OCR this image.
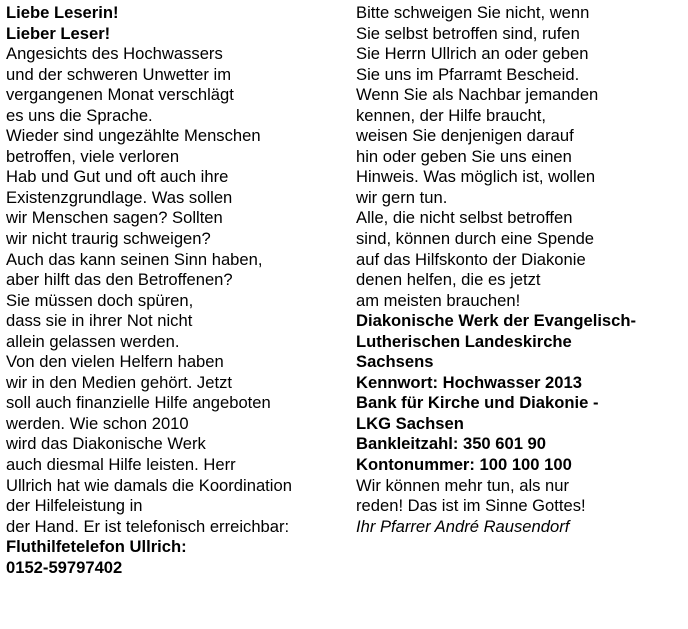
Liebe Leserin!
Lieber Leser!
Angesichts des Hochwassers
und der schweren Unwetter im
vergangenen Monat verschlägt
es uns die Sprache.
Wieder sind ungezählte Menschen
betroffen, viele verloren
Hab und Gut und oft auch ihre
Existenzgrundlage. Was sollen
wir Menschen sagen? Sollten
wir nicht traurig schweigen?
Auch das kann seinen Sinn haben,
aber hilft das den Betroffenen?
Sie müssen doch spüren,
dass sie in ihrer Not nicht
allein gelassen werden.
Von den vielen Helfern haben
wir in den Medien gehört. Jetzt
soll auch finanzielle Hilfe angeboten
werden. Wie schon 2010
wird das Diakonische Werk
auch diesmal Hilfe leisten. Herr
Ullrich hat wie damals die Koordination
der Hilfeleistung in
der Hand. Er ist telefonisch erreichbar:
Fluthilfetelefon Ullrich:
0152-59797402
Bitte schweigen Sie nicht, wenn
Sie selbst betroffen sind, rufen
Sie Herrn Ullrich an oder geben
Sie uns im Pfarramt Bescheid.
Wenn Sie als Nachbar jemanden
kennen, der Hilfe braucht,
weisen Sie denjenigen darauf
hin oder geben Sie uns einen
Hinweis. Was möglich ist, wollen
wir gern tun.
Alle, die nicht selbst betroffen
sind, können durch eine Spende
auf das Hilfskonto der Diakonie
denen helfen, die es jetzt
am meisten brauchen!
Diakonische Werk der Evangelisch-
Lutherischen Landeskirche
Sachsens
Kennwort: Hochwasser 2013
Bank für Kirche und Diakonie -
LKG Sachsen
Bankleitzahl: 350 601 90
Kontonummer: 100 100 100
Wir können mehr tun, als nur
reden! Das ist im Sinne Gottes!
Ihr Pfarrer André Rausendorf
